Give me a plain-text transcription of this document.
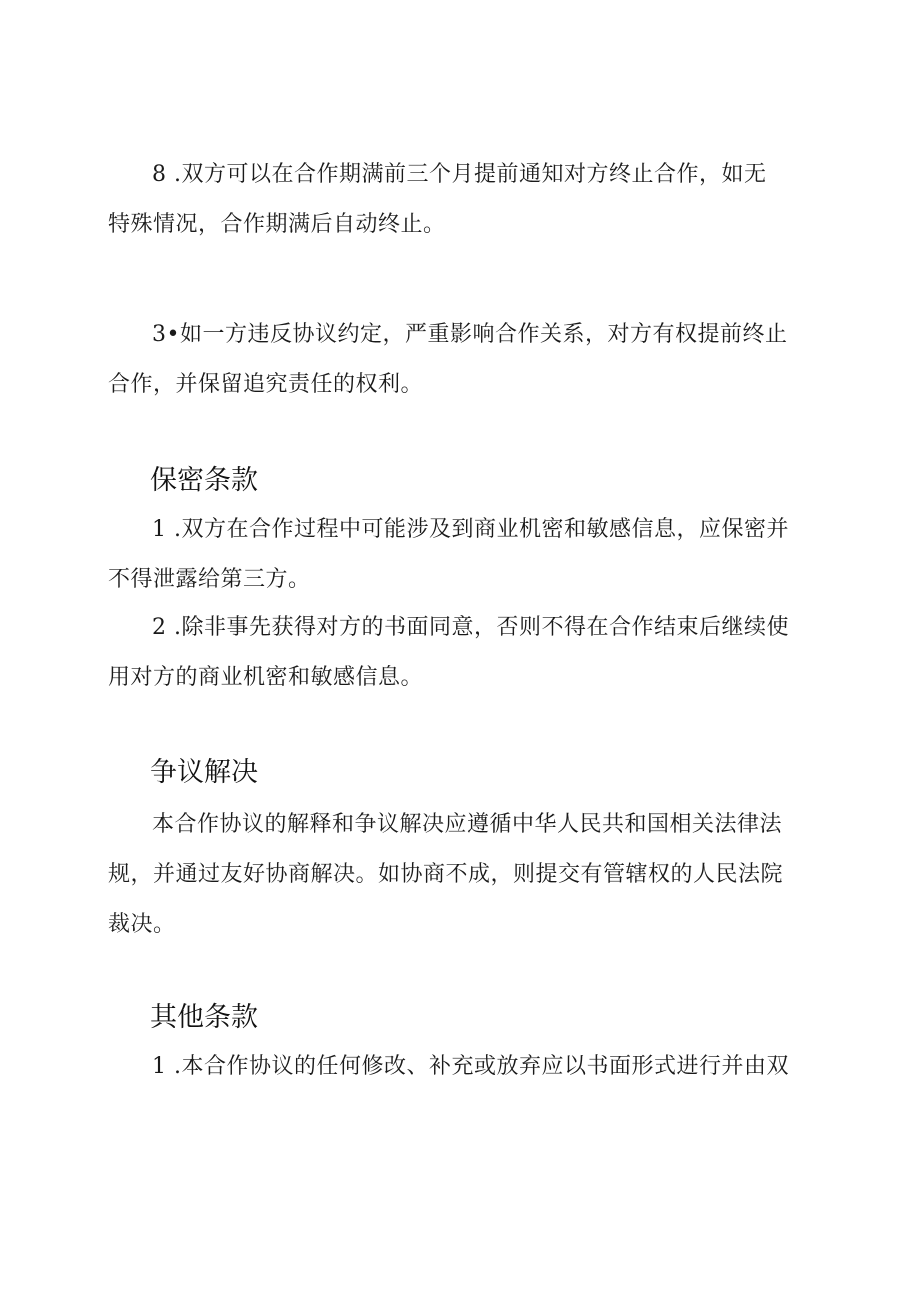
8 .双方可以在合作期满前三个月提前通知对方终止合作，如无
特殊情况，合作期满后自动终止。

3•如一方违反协议约定，严重影响合作关系，对方有权提前终止
合作，并保留追究责任的权利。

保密条款

1 .双方在合作过程中可能涉及到商业机密和敏感信息，应保密并
不得泄露给第三方。

2 .除非事先获得对方的书面同意，否则不得在合作结束后继续使
用对方的商业机密和敏感信息。

争议解决

本合作协议的解释和争议解决应遵循中华人民共和国相关法律法
规，并通过友好协商解决。如协商不成，则提交有管辖权的人民法院
裁决。

其他条款

1 .本合作协议的任何修改、补充或放弃应以书面形式进行并由双
